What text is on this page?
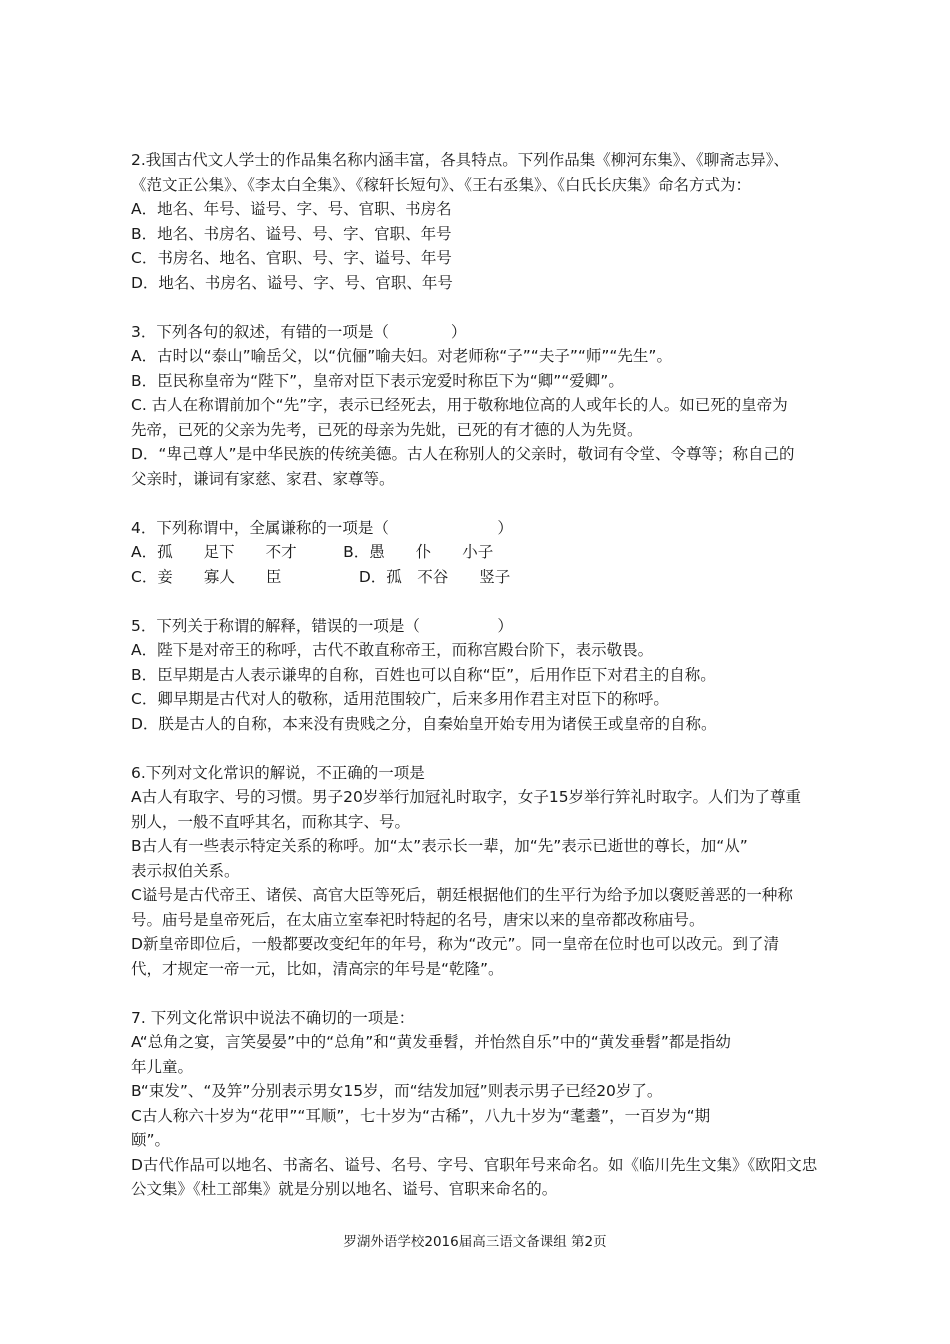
2.我国古代文人学士的作品集名称内涵丰富，各具特点。下列作品集《柳河东集》、《聊斋志异》、
《范文正公集》、《李太白全集》、《稼轩长短句》、《王右丞集》、《白氏长庆集》命名方式为：
A．地名、年号、谥号、字、号、官职、书房名
B．地名、书房名、谥号、号、字、官职、年号
C．书房名、地名、官职、号、字、谥号、年号
D．地名、书房名、谥号、字、号、官职、年号
3．下列各句的叙述，有错的一项是（　　　　）
A．古时以“泰山”喻岳父，以“伉俪”喻夫妇。对老师称“子”“夫子”“师”“先生”。
B．臣民称皇帝为“陛下”，皇帝对臣下表示宠爱时称臣下为“卿”“爱卿”。
C. 古人在称谓前加个“先”字，表示已经死去，用于敬称地位高的人或年长的人。如已死的皇帝为
先帝，已死的父亲为先考，已死的母亲为先妣，已死的有才德的人为先贤。
D．“卑己尊人”是中华民族的传统美德。古人在称别人的父亲时，敬词有令堂、令尊等；称自己的
父亲时，谦词有家慈、家君、家尊等。
4．下列称谓中，全属谦称的一项是（　　　　　　　）
A．孤　　足下　　不才　　　B．愚　　仆　　小子
C．妾　　寡人　　臣　　　　　D．孤　不谷　　竖子
5．下列关于称谓的解释，错误的一项是（　　　　　）
A．陛下是对帝王的称呼，古代不敢直称帝王，而称宫殿台阶下，表示敬畏。
B．臣早期是古人表示谦卑的自称，百姓也可以自称“臣”，后用作臣下对君主的自称。
C．卿早期是古代对人的敬称，适用范围较广，后来多用作君主对臣下的称呼。
D．朕是古人的自称，本来没有贵贱之分，自秦始皇开始专用为诸侯王或皇帝的自称。
6.下列对文化常识的解说，不正确的一项是
A古人有取字、号的习惯。男子20岁举行加冠礼时取字，女子15岁举行笄礼时取字。人们为了尊重
别人，一般不直呼其名，而称其字、号。
B古人有一些表示特定关系的称呼。加“太”表示长一辈，加“先”表示已逝世的尊长，加“从”
表示叔伯关系。
C谥号是古代帝王、诸侯、高官大臣等死后，朝廷根据他们的生平行为给予加以褒贬善恶的一种称
号。庙号是皇帝死后，在太庙立室奉祀时特起的名号，唐宋以来的皇帝都改称庙号。
D新皇帝即位后，一般都要改变纪年的年号，称为“改元”。同一皇帝在位时也可以改元。到了清
代，才规定一帝一元，比如，清高宗的年号是“乾隆”。
7. 下列文化常识中说法不确切的一项是：
A“总角之宴，言笑晏晏”中的“总角”和“黄发垂髫，并怡然自乐”中的“黄发垂髫”都是指幼
年儿童。
B“束发”、“及笄”分别表示男女15岁，而“结发加冠”则表示男子已经20岁了。
C古人称六十岁为“花甲”“耳顺”，七十岁为“古稀”，八九十岁为“耄耋”，一百岁为“期
颐”。
D古代作品可以地名、书斋名、谥号、名号、字号、官职年号来命名。如《临川先生文集》《欧阳文忠
公文集》《杜工部集》就是分别以地名、谥号、官职来命名的。
罗湖外语学校2016届高三语文备课组 第2页
